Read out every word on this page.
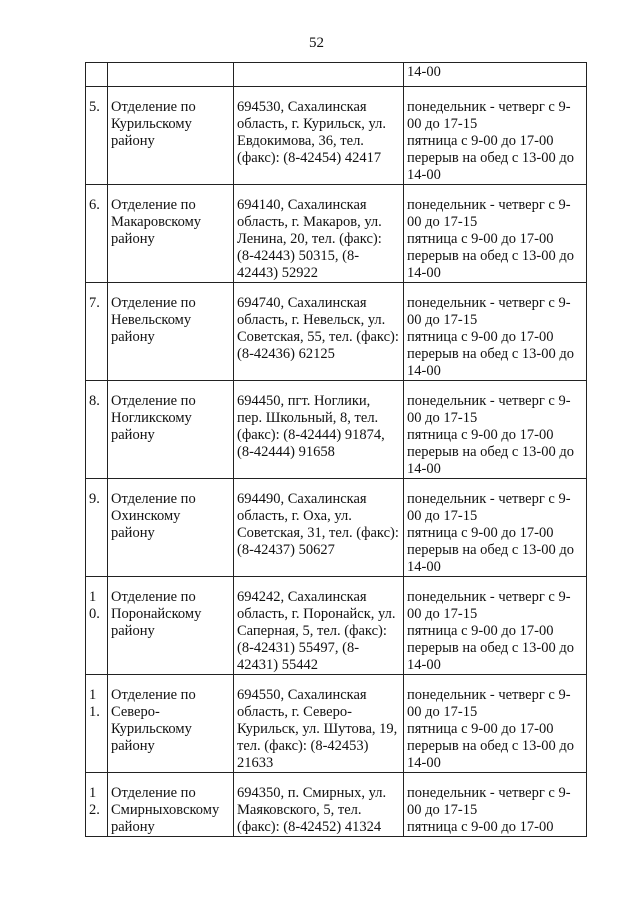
52

			14-00

5.	Отделение по
Курильскому
району	694530, Сахалинская
область, г. Курильск, ул.
Евдокимова, 36, тел.
(факс): (8-42454) 42417	понедельник - четверг с 9-
00 до 17-15
пятница с 9-00 до 17-00
перерыв на обед с 13-00 до
14-00

6.	Отделение по
Макаровскому
району	694140, Сахалинская
область, г. Макаров, ул.
Ленина, 20, тел. (факс):
(8-42443) 50315, (8-
42443) 52922	понедельник - четверг с 9-
00 до 17-15
пятница с 9-00 до 17-00
перерыв на обед с 13-00 до
14-00

7.	Отделение по
Невельскому
району	694740, Сахалинская
область, г. Невельск, ул.
Советская, 55, тел. (факс):
(8-42436) 62125	понедельник - четверг с 9-
00 до 17-15
пятница с 9-00 до 17-00
перерыв на обед с 13-00 до
14-00

8.	Отделение по
Ногликскому
району	694450, пгт. Ноглики,
пер. Школьный, 8, тел.
(факс): (8-42444) 91874,
(8-42444) 91658	понедельник - четверг с 9-
00 до 17-15
пятница с 9-00 до 17-00
перерыв на обед с 13-00 до
14-00

9.	Отделение по
Охинскому
району	694490, Сахалинская
область, г. Оха, ул.
Советская, 31, тел. (факс):
(8-42437) 50627	понедельник - четверг с 9-
00 до 17-15
пятница с 9-00 до 17-00
перерыв на обед с 13-00 до
14-00

10.	Отделение по
Поронайскому
району	694242, Сахалинская
область, г. Поронайск, ул.
Саперная, 5, тел. (факс):
(8-42431) 55497, (8-
42431) 55442	понедельник - четверг с 9-
00 до 17-15
пятница с 9-00 до 17-00
перерыв на обед с 13-00 до
14-00

11.	Отделение по
Северо-
Курильскому
району	694550, Сахалинская
область, г. Северо-
Курильск, ул. Шутова, 19,
тел. (факс): (8-42453)
21633	понедельник - четверг с 9-
00 до 17-15
пятница с 9-00 до 17-00
перерыв на обед с 13-00 до
14-00

12.	Отделение по
Смирныховскому
району	694350, п. Смирных, ул.
Маяковского, 5, тел.
(факс): (8-42452) 41324	понедельник - четверг с 9-
00 до 17-15
пятница с 9-00 до 17-00
